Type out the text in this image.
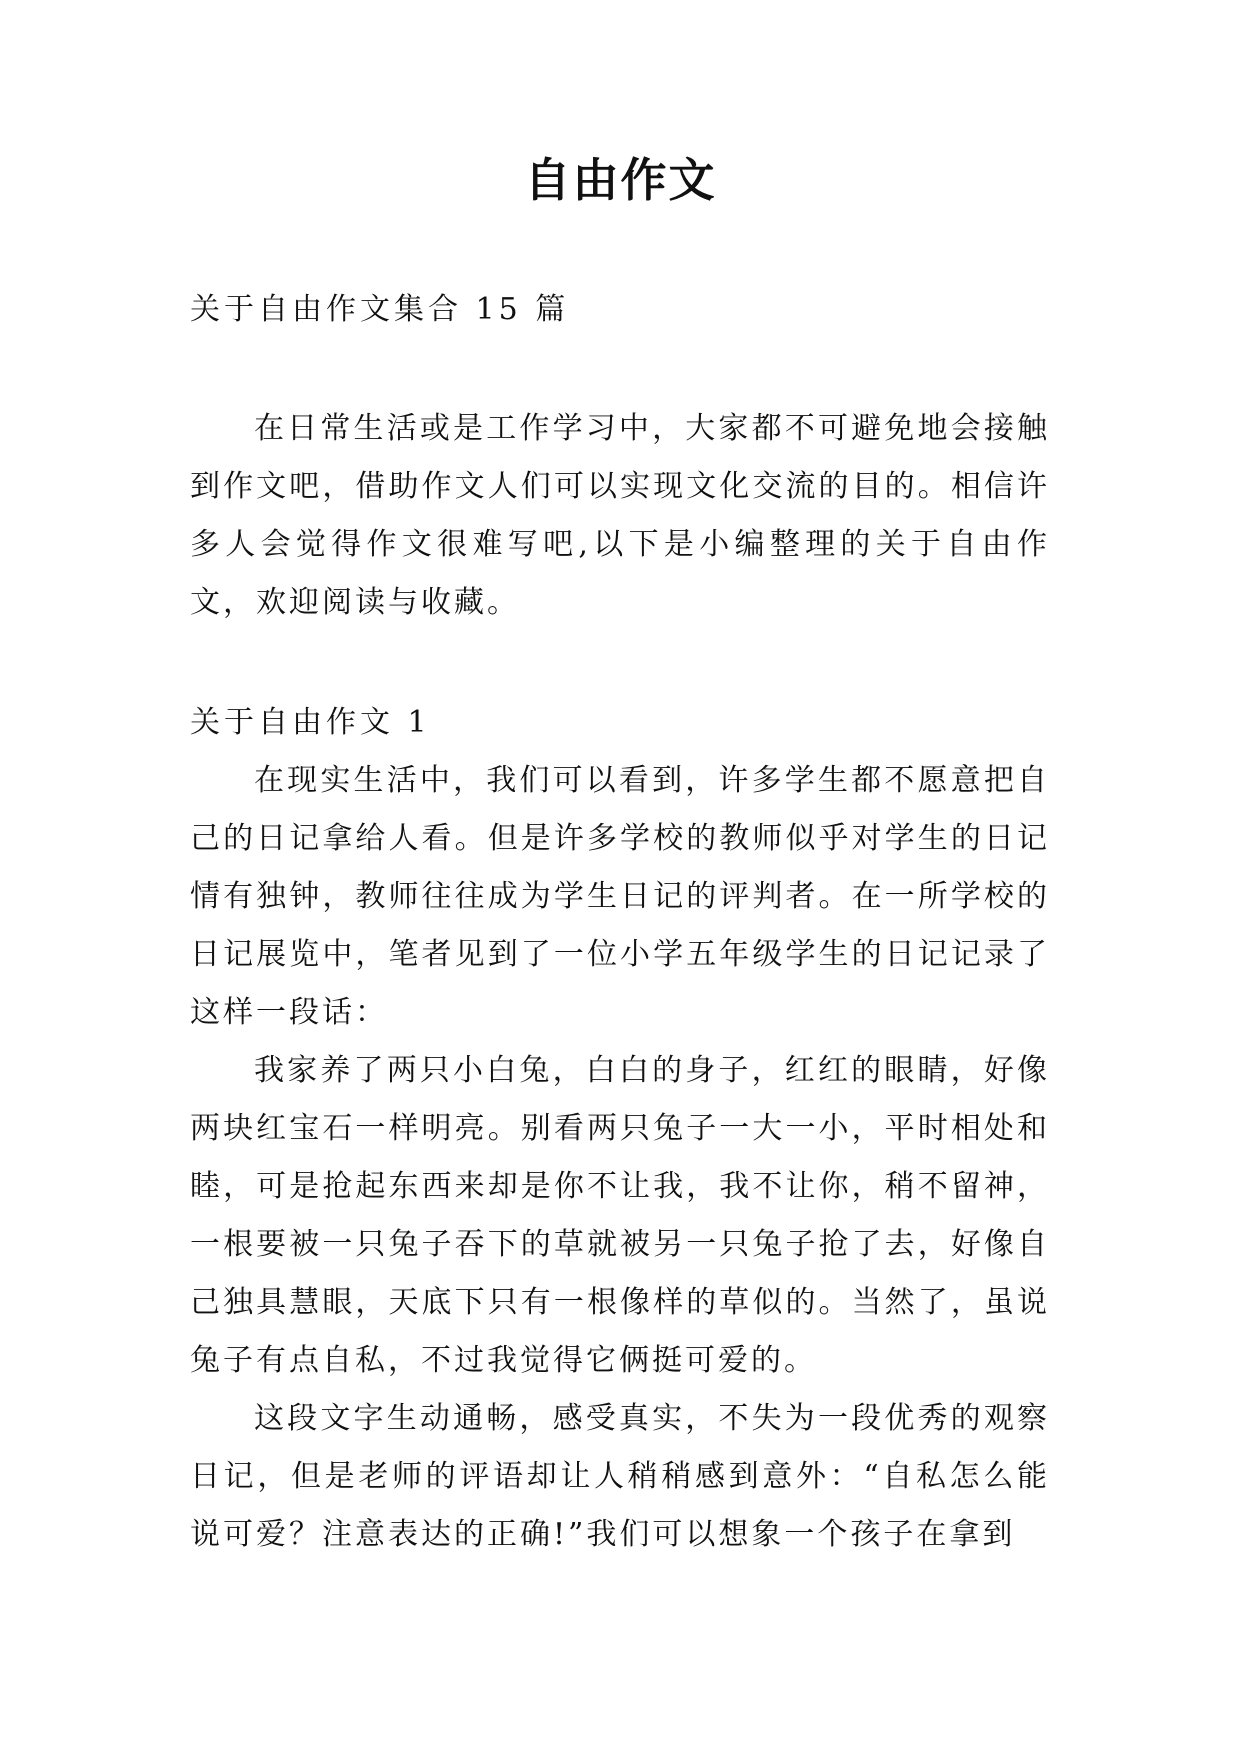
自由作文
关于自由作文集合 15 篇

在日常生活或是工作学习中，大家都不可避免地会接触到作文吧，借助作文人们可以实现文化交流的目的。相信许多人会觉得作文很难写吧,以下是小编整理的关于自由作文，欢迎阅读与收藏。

关于自由作文 1

在现实生活中，我们可以看到，许多学生都不愿意把自己的日记拿给人看。但是许多学校的教师似乎对学生的日记情有独钟，教师往往成为学生日记的评判者。在一所学校的日记展览中，笔者见到了一位小学五年级学生的日记记录了这样一段话：

我家养了两只小白兔，白白的身子，红红的眼睛，好像两块红宝石一样明亮。别看两只兔子一大一小，平时相处和睦，可是抢起东西来却是你不让我，我不让你，稍不留神，一根要被一只兔子吞下的草就被另一只兔子抢了去，好像自己独具慧眼，天底下只有一根像样的草似的。当然了，虽说兔子有点自私，不过我觉得它俩挺可爱的。

这段文字生动通畅，感受真实，不失为一段优秀的观察日记，但是老师的评语却让人稍稍感到意外：“自私怎么能说可爱？注意表达的正确!”我们可以想象一个孩子在拿到
